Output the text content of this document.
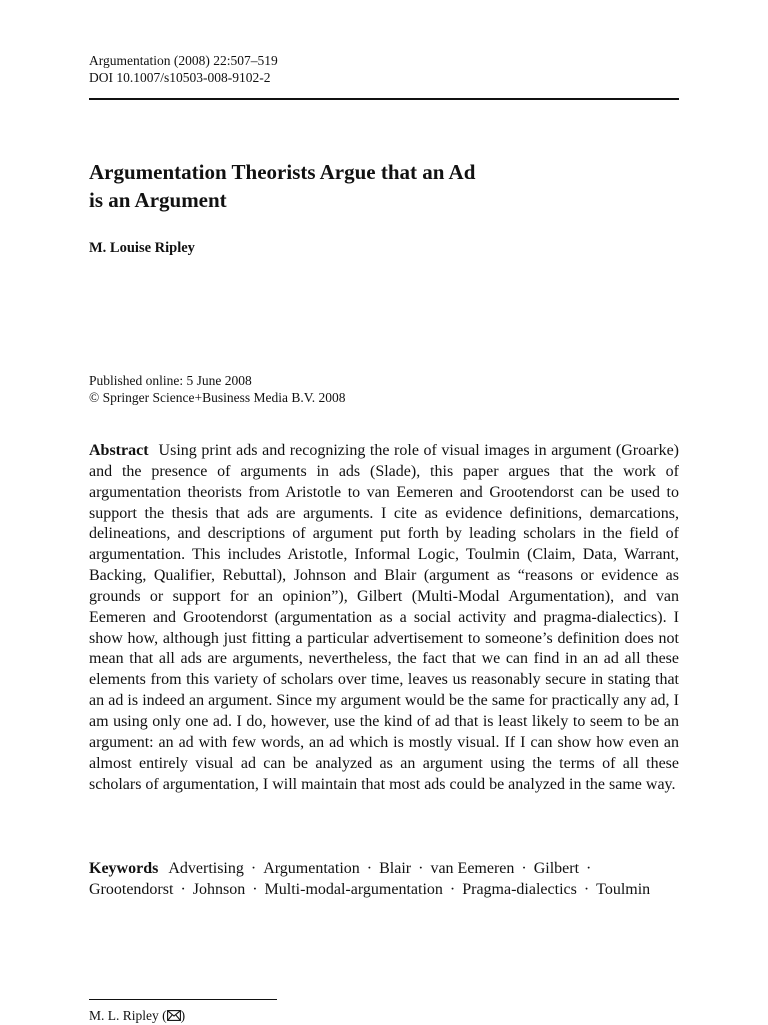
Argumentation (2008) 22:507–519

DOI 10.1007/s10503-008-9102-2

Argumentation Theorists Argue that an Ad
is an Argument

M. Louise Ripley

Published online: 5 June 2008
© Springer Science+Business Media B.V. 2008

Abstract Using print ads and recognizing the role of visual images in argument (Groarke) and the presence of arguments in ads (Slade), this paper argues that the work of argumentation theorists from Aristotle to van Eemeren and Grootendorst can be used to support the thesis that ads are arguments. I cite as evidence definitions, demarcations, delineations, and descriptions of argument put forth by leading scholars in the field of argumentation. This includes Aristotle, Informal Logic, Toulmin (Claim, Data, Warrant, Backing, Qualifier, Rebuttal), Johnson and Blair (argument as “reasons or evidence as grounds or support for an opinion”), Gilbert (Multi-Modal Argumentation), and van Eemeren and Grootendorst (argumentation as a social activity and pragma-dialectics). I show how, although just fitting a particular advertisement to someone’s definition does not mean that all ads are arguments, nevertheless, the fact that we can find in an ad all these elements from this variety of scholars over time, leaves us reasonably secure in stating that an ad is indeed an argument. Since my argument would be the same for practically any ad, I am using only one ad. I do, however, use the kind of ad that is least likely to seem to be an argument: an ad with few words, an ad which is mostly visual. If I can show how even an almost entirely visual ad can be analyzed as an argument using the terms of all these scholars of argumentation, I will maintain that most ads could be analyzed in the same way.

Keywords Advertising · Argumentation · Blair · van Eemeren · Gilbert · Grootendorst · Johnson · Multi-modal-argumentation · Pragma-dialectics · Toulmin

M. L. Ripley ( )
